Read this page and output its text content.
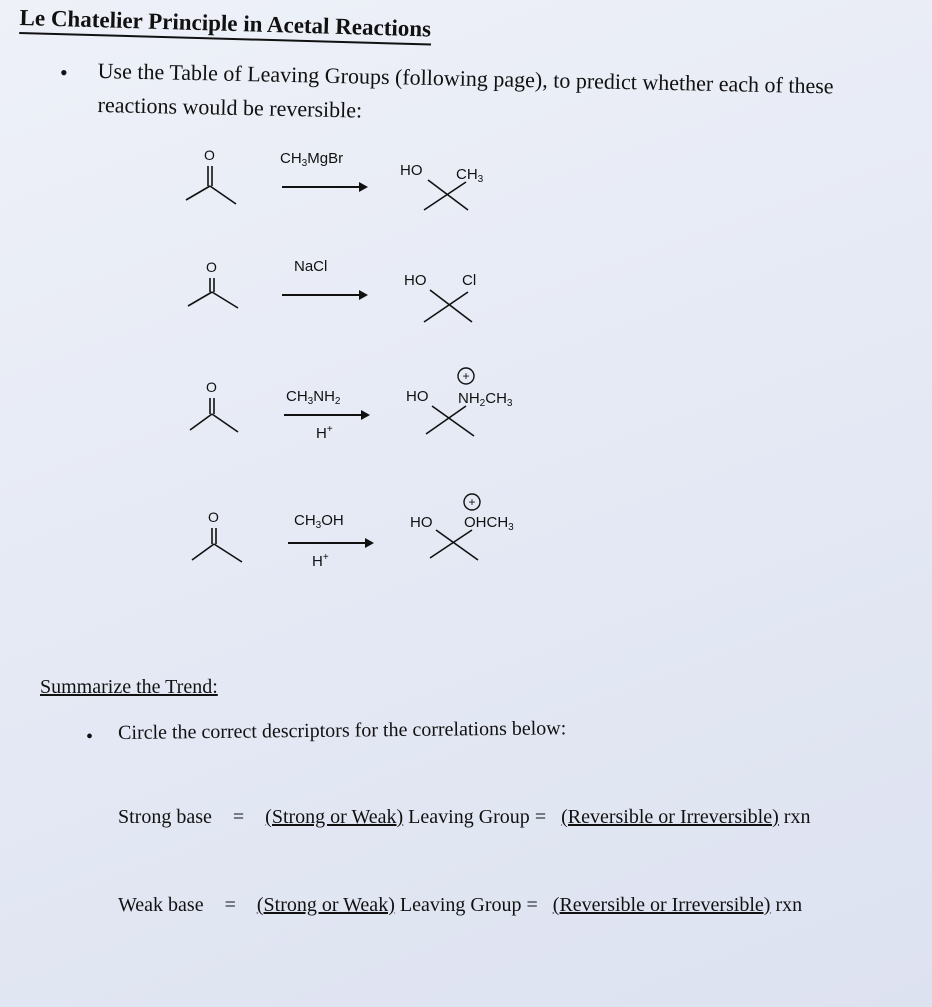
Le Chatelier Principle in Acetal Reactions
• Use the Table of Leaving Groups (following page), to predict whether each of these
reactions would be reversible:
O	$CH_3MgBr$
HO $CH_3$
O	NaCl
HO Cl
O
$CH_3NH_2$
H+
+
HO $NH_2CH_3$
O	$CH_3OH$
H+
+
HO $OHCH_3$
Summarize the Trend:
• Circle the correct descriptors for the correlations below:
Strong base = (Strong or Weak) Leaving Group = (Reversible or Irreversible) rxn
Weak base = (Strong or Weak) Leaving Group = (Reversible or Irreversible) rxn
